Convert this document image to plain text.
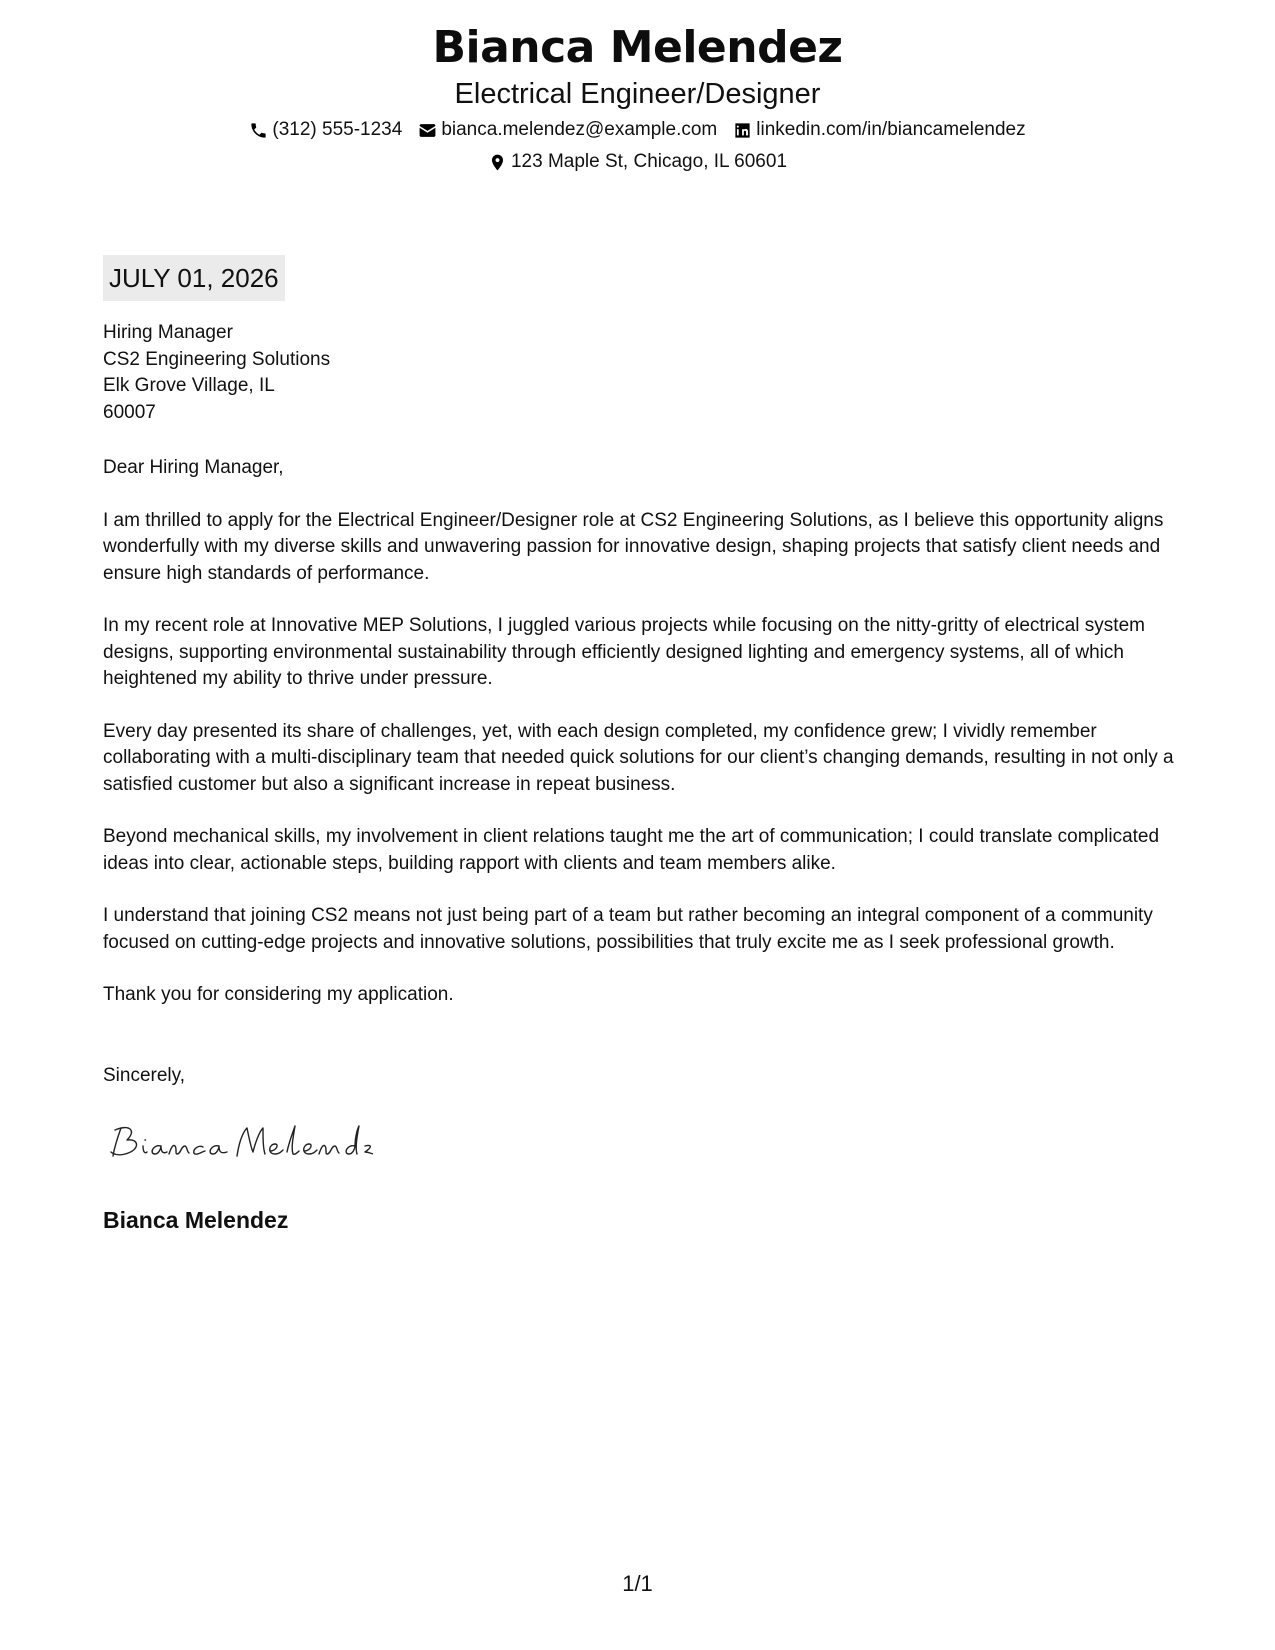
Bianca Melendez
Electrical Engineer/Designer
(312) 555-1234 bianca.melendez@example.com linkedin.com/in/biancamelendez
123 Maple St, Chicago, IL 60601
JULY 01, 2026
Hiring Manager
CS2 Engineering Solutions
Elk Grove Village, IL
60007

Dear Hiring Manager,

I am thrilled to apply for the Electrical Engineer/Designer role at CS2 Engineering Solutions, as I believe this opportunity aligns wonderfully with my diverse skills and unwavering passion for innovative design, shaping projects that satisfy client needs and ensure high standards of performance.

In my recent role at Innovative MEP Solutions, I juggled various projects while focusing on the nitty-gritty of electrical system designs, supporting environmental sustainability through efficiently designed lighting and emergency systems, all of which heightened my ability to thrive under pressure.

Every day presented its share of challenges, yet, with each design completed, my confidence grew; I vividly remember collaborating with a multi-disciplinary team that needed quick solutions for our client’s changing demands, resulting in not only a satisfied customer but also a significant increase in repeat business.

Beyond mechanical skills, my involvement in client relations taught me the art of communication; I could translate complicated ideas into clear, actionable steps, building rapport with clients and team members alike.

I understand that joining CS2 means not just being part of a team but rather becoming an integral component of a community focused on cutting-edge projects and innovative solutions, possibilities that truly excite me as I seek professional growth.

Thank you for considering my application.

Sincerely,
Bianca Melendez
1/1
